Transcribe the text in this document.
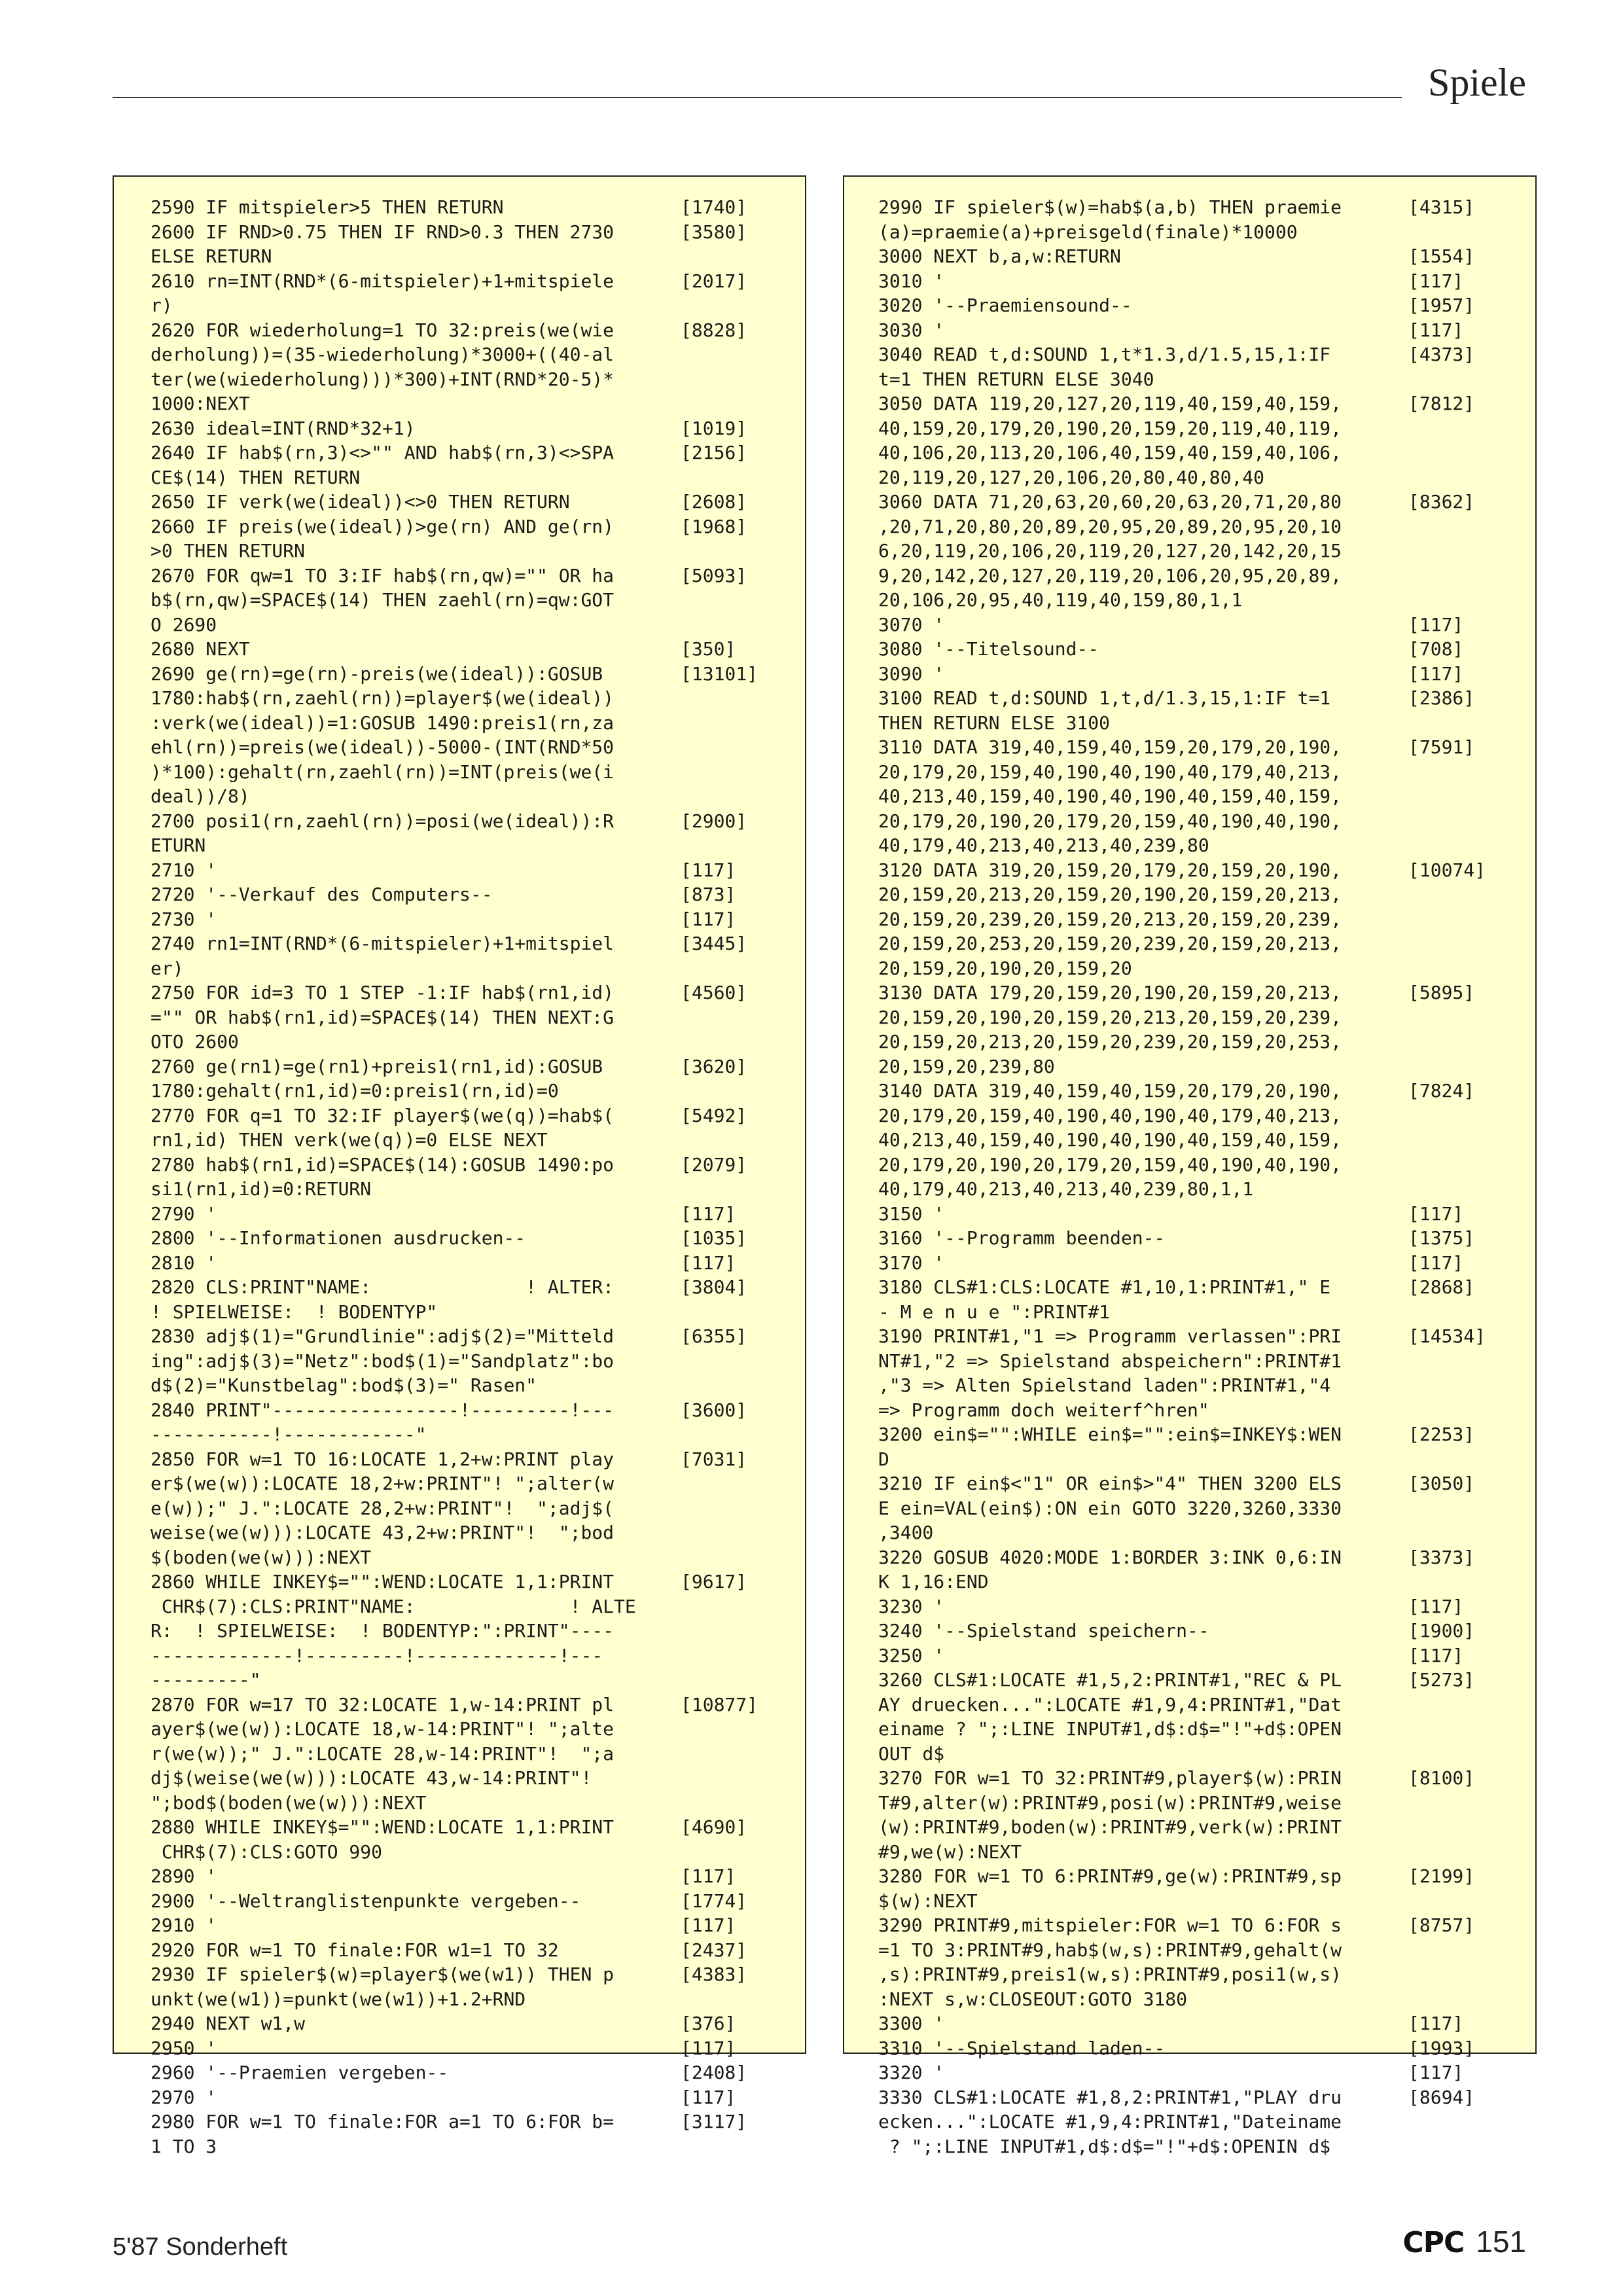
Spiele
2590 IF mitspieler>5 THEN RETURN	[1740]
2600 IF RND>0.75 THEN IF RND>0.3 THEN 2730	[3580]
ELSE RETURN
2610 rn=INT(RND*(6-mitspieler)+1+mitspiele	[2017]
r)
2620 FOR wiederholung=1 TO 32:preis(we(wie	[8828]
derholung))=(35-wiederholung)*3000+((40-al
ter(we(wiederholung)))*300)+INT(RND*20-5)*
1000:NEXT
2630 ideal=INT(RND*32+1)	[1019]
2640 IF hab$(rn,3)<>"" AND hab$(rn,3)<>SPA	[2156]
CE$(14) THEN RETURN
2650 IF verk(we(ideal))<>0 THEN RETURN	[2608]
2660 IF preis(we(ideal))>ge(rn) AND ge(rn)	[1968]
>0 THEN RETURN
2670 FOR qw=1 TO 3:IF hab$(rn,qw)="" OR ha	[5093]
b$(rn,qw)=SPACE$(14) THEN zaehl(rn)=qw:GOT
O 2690
2680 NEXT	[350]
2690 ge(rn)=ge(rn)-preis(we(ideal)):GOSUB	[13101]
1780:hab$(rn,zaehl(rn))=player$(we(ideal))
:verk(we(ideal))=1:GOSUB 1490:preis1(rn,za
ehl(rn))=preis(we(ideal))-5000-(INT(RND*50
)*100):gehalt(rn,zaehl(rn))=INT(preis(we(i
deal))/8)
2700 posi1(rn,zaehl(rn))=posi(we(ideal)):R	[2900]
ETURN
2710 '	[117]
2720 '--Verkauf des Computers--	[873]
2730 '	[117]
2740 rn1=INT(RND*(6-mitspieler)+1+mitspiel	[3445]
er)
2750 FOR id=3 TO 1 STEP -1:IF hab$(rn1,id)	[4560]
="" OR hab$(rn1,id)=SPACE$(14) THEN NEXT:G
OTO 2600
2760 ge(rn1)=ge(rn1)+preis1(rn1,id):GOSUB	[3620]
1780:gehalt(rn1,id)=0:preis1(rn,id)=0
2770 FOR q=1 TO 32:IF player$(we(q))=hab$(	[5492]
rn1,id) THEN verk(we(q))=0 ELSE NEXT
2780 hab$(rn1,id)=SPACE$(14):GOSUB 1490:po	[2079]
si1(rn1,id)=0:RETURN
2790 '	[117]
2800 '--Informationen ausdrucken--	[1035]
2810 '	[117]
2820 CLS:PRINT"NAME:              ! ALTER:	[3804]
! SPIELWEISE:  ! BODENTYP"
2830 adj$(1)="Grundlinie":adj$(2)="Mitteld	[6355]
ing":adj$(3)="Netz":bod$(1)="Sandplatz":bo
d$(2)="Kunstbelag":bod$(3)=" Rasen"
2840 PRINT"-----------------!---------!---	[3600]
-----------!------------"
2850 FOR w=1 TO 16:LOCATE 1,2+w:PRINT play	[7031]
er$(we(w)):LOCATE 18,2+w:PRINT"! ";alter(w
e(w));" J.":LOCATE 28,2+w:PRINT"!  ";adj$(
weise(we(w))):LOCATE 43,2+w:PRINT"!  ";bod
$(boden(we(w))):NEXT
2860 WHILE INKEY$="":WEND:LOCATE 1,1:PRINT	[9617]
CHR$(7):CLS:PRINT"NAME:              ! ALTE
R:  ! SPIELWEISE:  ! BODENTYP:":PRINT"----
-------------!---------!-------------!---
---------"
2870 FOR w=17 TO 32:LOCATE 1,w-14:PRINT pl	[10877]
ayer$(we(w)):LOCATE 18,w-14:PRINT"! ";alte
r(we(w));" J.":LOCATE 28,w-14:PRINT"!  ";a
dj$(weise(we(w))):LOCATE 43,w-14:PRINT"!
";bod$(boden(we(w))):NEXT
2880 WHILE INKEY$="":WEND:LOCATE 1,1:PRINT	[4690]
CHR$(7):CLS:GOTO 990
2890 '	[117]
2900 '--Weltranglistenpunkte vergeben--	[1774]
2910 '	[117]
2920 FOR w=1 TO finale:FOR w1=1 TO 32	[2437]
2930 IF spieler$(w)=player$(we(w1)) THEN p	[4383]
unkt(we(w1))=punkt(we(w1))+1.2+RND
2940 NEXT w1,w	[376]
2950 '	[117]
2960 '--Praemien vergeben--	[2408]
2970 '	[117]
2980 FOR w=1 TO finale:FOR a=1 TO 6:FOR b=	[3117]
1 TO 3
2990 IF spieler$(w)=hab$(a,b) THEN praemie	[4315]
(a)=praemie(a)+preisgeld(finale)*10000
3000 NEXT b,a,w:RETURN	[1554]
3010 '	[117]
3020 '--Praemiensound--	[1957]
3030 '	[117]
3040 READ t,d:SOUND 1,t*1.3,d/1.5,15,1:IF	[4373]
t=1 THEN RETURN ELSE 3040
3050 DATA 119,20,127,20,119,40,159,40,159,	[7812]
40,159,20,179,20,190,20,159,20,119,40,119,
40,106,20,113,20,106,40,159,40,159,40,106,
20,119,20,127,20,106,20,80,40,80,40
3060 DATA 71,20,63,20,60,20,63,20,71,20,80	[8362]
,20,71,20,80,20,89,20,95,20,89,20,95,20,10
6,20,119,20,106,20,119,20,127,20,142,20,15
9,20,142,20,127,20,119,20,106,20,95,20,89,
20,106,20,95,40,119,40,159,80,1,1
3070 '	[117]
3080 '--Titelsound--	[708]
3090 '	[117]
3100 READ t,d:SOUND 1,t,d/1.3,15,1:IF t=1	[2386]
THEN RETURN ELSE 3100
3110 DATA 319,40,159,40,159,20,179,20,190,	[7591]
20,179,20,159,40,190,40,190,40,179,40,213,
40,213,40,159,40,190,40,190,40,159,40,159,
20,179,20,190,20,179,20,159,40,190,40,190,
40,179,40,213,40,213,40,239,80
3120 DATA 319,20,159,20,179,20,159,20,190,	[10074]
20,159,20,213,20,159,20,190,20,159,20,213,
20,159,20,239,20,159,20,213,20,159,20,239,
20,159,20,253,20,159,20,239,20,159,20,213,
20,159,20,190,20,159,20
3130 DATA 179,20,159,20,190,20,159,20,213,	[5895]
20,159,20,190,20,159,20,213,20,159,20,239,
20,159,20,213,20,159,20,239,20,159,20,253,
20,159,20,239,80
3140 DATA 319,40,159,40,159,20,179,20,190,	[7824]
20,179,20,159,40,190,40,190,40,179,40,213,
40,213,40,159,40,190,40,190,40,159,40,159,
20,179,20,190,20,179,20,159,40,190,40,190,
40,179,40,213,40,213,40,239,80,1,1
3150 '	[117]
3160 '--Programm beenden--	[1375]
3170 '	[117]
3180 CLS#1:CLS:LOCATE #1,10,1:PRINT#1," E	[2868]
- M e n u e ":PRINT#1
3190 PRINT#1,"1 => Programm verlassen":PRI	[14534]
NT#1,"2 => Spielstand abspeichern":PRINT#1
,"3 => Alten Spielstand laden":PRINT#1,"4
=> Programm doch weiterf^hren"
3200 ein$="":WHILE ein$="":ein$=INKEY$:WEN	[2253]
D
3210 IF ein$<"1" OR ein$>"4" THEN 3200 ELS	[3050]
E ein=VAL(ein$):ON ein GOTO 3220,3260,3330
,3400
3220 GOSUB 4020:MODE 1:BORDER 3:INK 0,6:IN	[3373]
K 1,16:END
3230 '	[117]
3240 '--Spielstand speichern--	[1900]
3250 '	[117]
3260 CLS#1:LOCATE #1,5,2:PRINT#1,"REC & PL	[5273]
AY druecken...":LOCATE #1,9,4:PRINT#1,"Dat
einame ? ";:LINE INPUT#1,d$:d$="!"+d$:OPEN
OUT d$
3270 FOR w=1 TO 32:PRINT#9,player$(w):PRIN	[8100]
T#9,alter(w):PRINT#9,posi(w):PRINT#9,weise
(w):PRINT#9,boden(w):PRINT#9,verk(w):PRINT
#9,we(w):NEXT
3280 FOR w=1 TO 6:PRINT#9,ge(w):PRINT#9,sp	[2199]
$(w):NEXT
3290 PRINT#9,mitspieler:FOR w=1 TO 6:FOR s	[8757]
=1 TO 3:PRINT#9,hab$(w,s):PRINT#9,gehalt(w
,s):PRINT#9,preis1(w,s):PRINT#9,posi1(w,s)
:NEXT s,w:CLOSEOUT:GOTO 3180
3300 '	[117]
3310 '--Spielstand laden--	[1993]
3320 '	[117]
3330 CLS#1:LOCATE #1,8,2:PRINT#1,"PLAY dru	[8694]
ecken...":LOCATE #1,9,4:PRINT#1,"Dateiname
? ";:LINE INPUT#1,d$:d$="!"+d$:OPENIN d$
5'87 Sonderheft	CPC 151
